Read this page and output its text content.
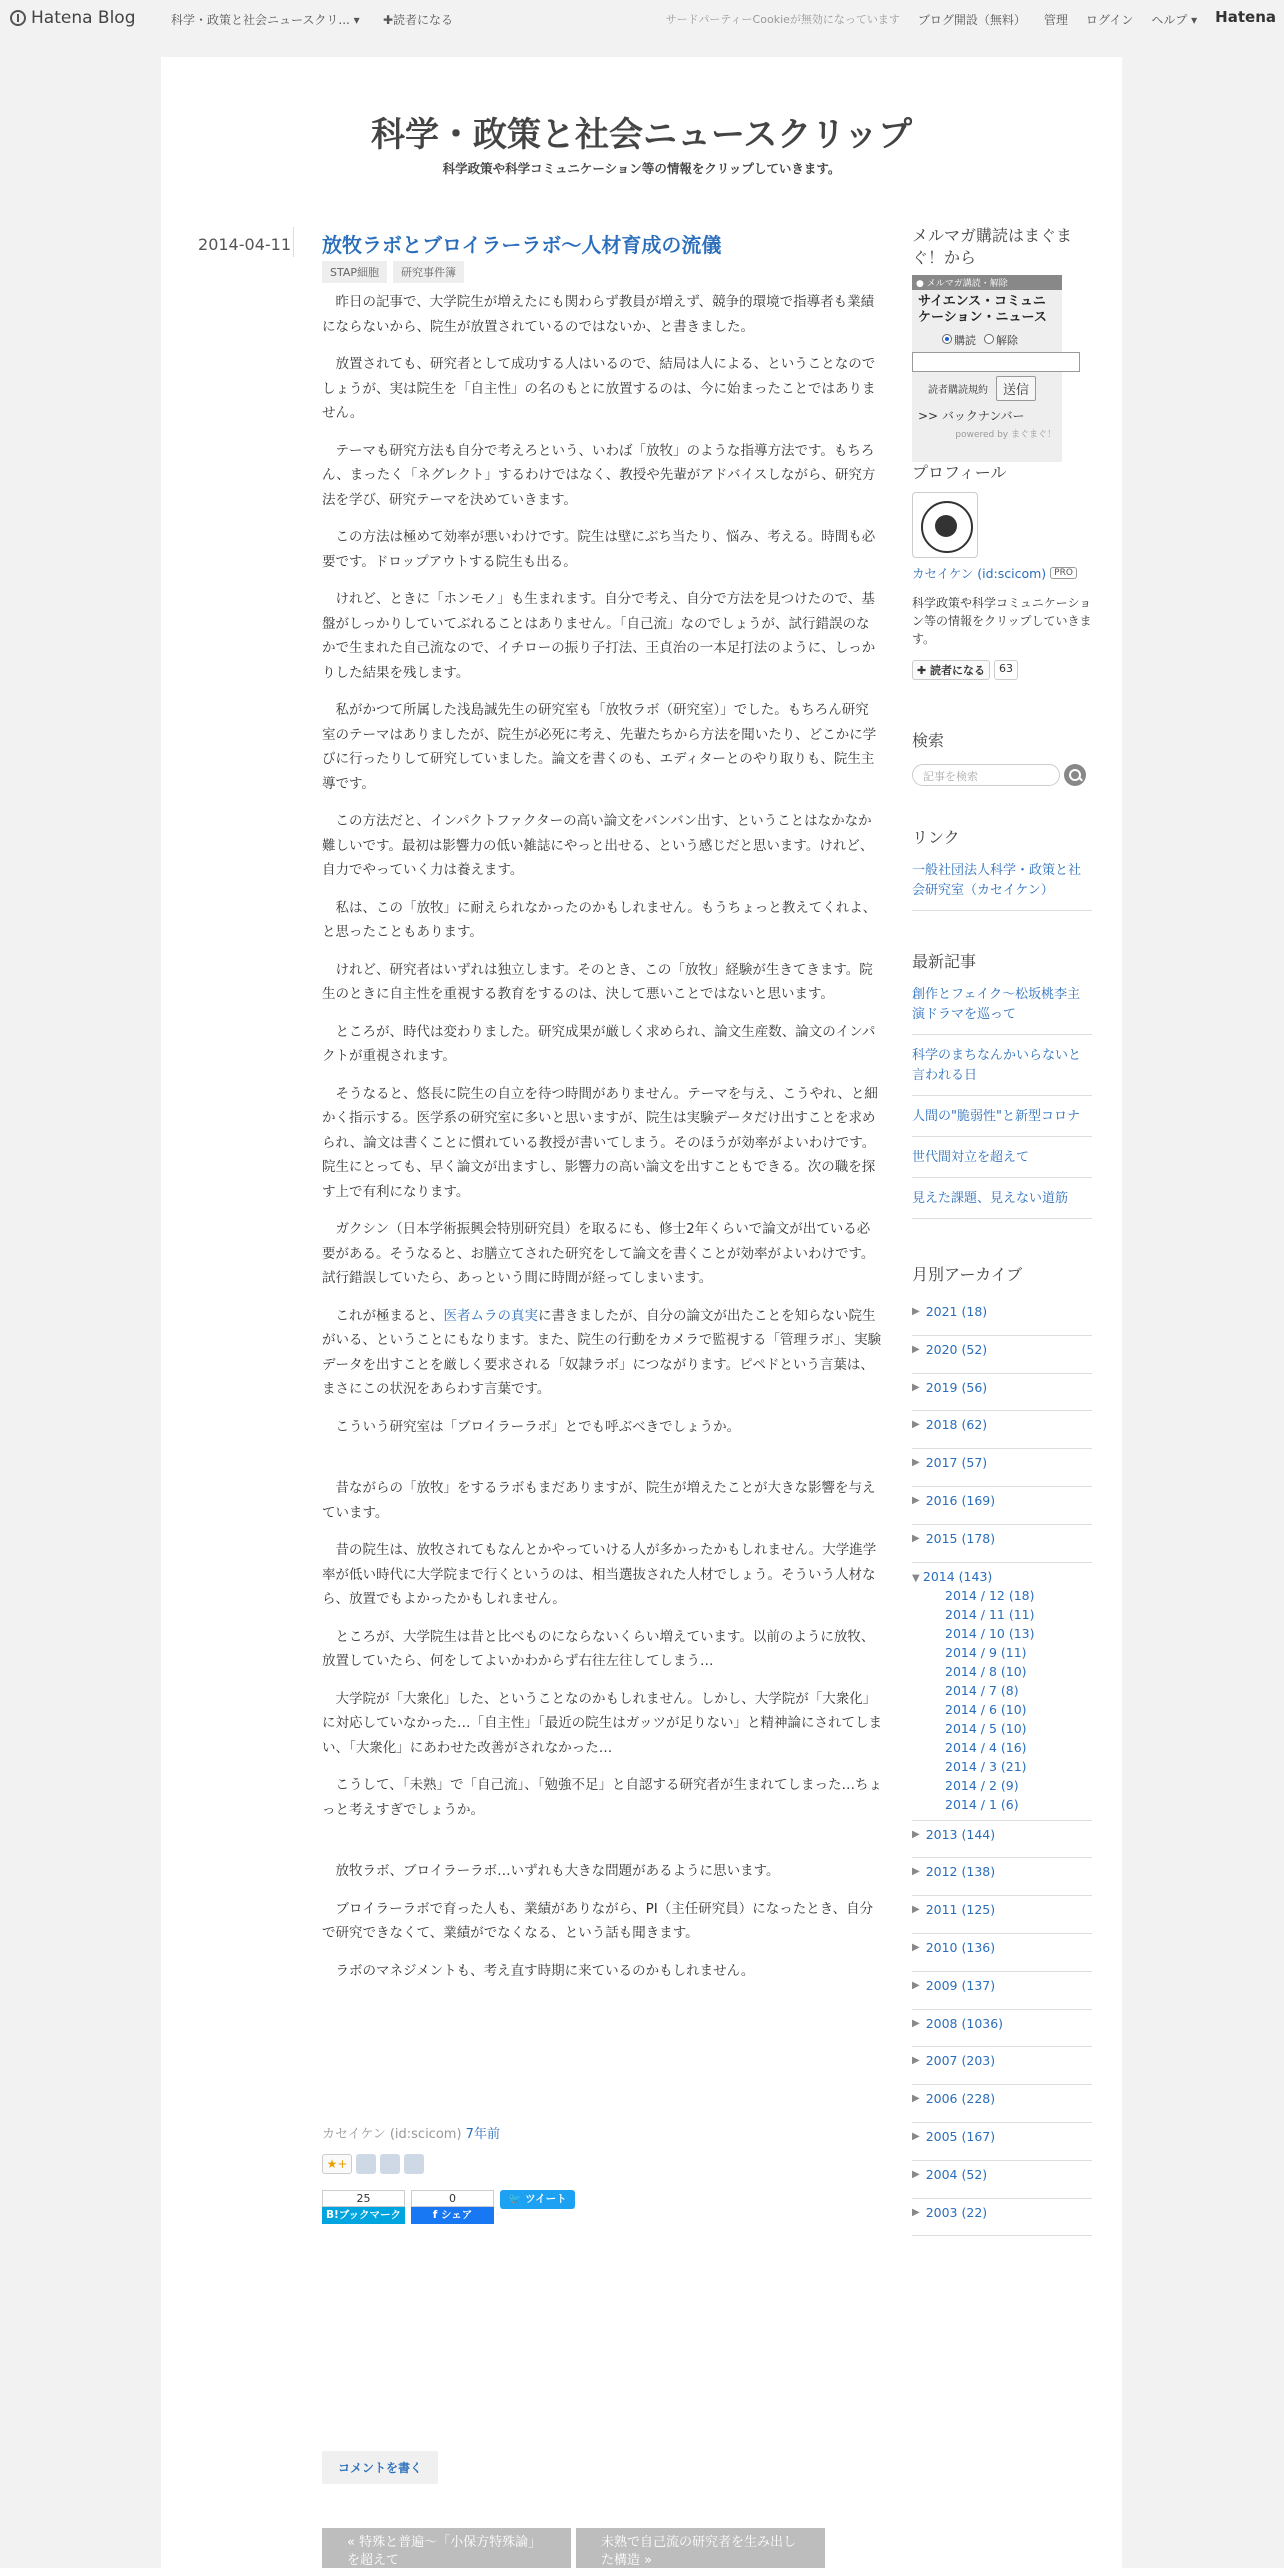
Hatena Blog	科学・政策と社会ニュースクリ... ▾ ✚読者になる	サードパーティーCookieが無効になっています ブログ開設（無料） 管理 ログイン ヘルプ ▾ Hatena
科学・政策と社会ニュースクリップ
科学政策や科学コミュニケーション等の情報をクリップしていきます。
2014-04-11 放牧ラボとブロイラーラボ〜人材育成の流儀
STAP細胞	研究事件簿

昨日の記事で、大学院生が増えたにも関わらず教員が増えず、競争的環境で指導者も業績にならないから、院生が放置されているのではないか、と書きました。

放置されても、研究者として成功する人はいるので、結局は人による、ということなのでしょうが、実は院生を「自主性」の名のもとに放置するのは、今に始まったことではありません。

テーマも研究方法も自分で考えろという、いわば「放牧」のような指導方法です。もちろん、まったく「ネグレクト」するわけではなく、教授や先輩がアドバイスしながら、研究方法を学び、研究テーマを決めていきます。

この方法は極めて効率が悪いわけです。院生は壁にぶち当たり、悩み、考える。時間も必要です。ドロップアウトする院生も出る。

けれど、ときに「ホンモノ」も生まれます。自分で考え、自分で方法を見つけたので、基盤がしっかりしていてぶれることはありません。「自己流」なのでしょうが、試行錯誤のなかで生まれた自己流なので、イチローの振り子打法、王貞治の一本足打法のように、しっかりした結果を残します。

私がかつて所属した浅島誠先生の研究室も「放牧ラボ（研究室）」でした。もちろん研究室のテーマはありましたが、院生が必死に考え、先輩たちから方法を聞いたり、どこかに学びに行ったりして研究していました。論文を書くのも、エディターとのやり取りも、院生主導です。

この方法だと、インパクトファクターの高い論文をバンバン出す、ということはなかなか難しいです。最初は影響力の低い雑誌にやっと出せる、という感じだと思います。けれど、自力でやっていく力は養えます。

私は、この「放牧」に耐えられなかったのかもしれません。もうちょっと教えてくれよ、と思ったこともあります。

けれど、研究者はいずれは独立します。そのとき、この「放牧」経験が生きてきます。院生のときに自主性を重視する教育をするのは、決して悪いことではないと思います。

ところが、時代は変わりました。研究成果が厳しく求められ、論文生産数、論文のインパクトが重視されます。

そうなると、悠長に院生の自立を待つ時間がありません。テーマを与え、こうやれ、と細かく指示する。医学系の研究室に多いと思いますが、院生は実験データだけ出すことを求められ、論文は書くことに慣れている教授が書いてしまう。そのほうが効率がよいわけです。院生にとっても、早く論文が出ますし、影響力の高い論文を出すこともできる。次の職を探す上で有利になります。

ガクシン（日本学術振興会特別研究員）を取るにも、修士2年くらいで論文が出ている必要がある。そうなると、お膳立てされた研究をして論文を書くことが効率がよいわけです。試行錯誤していたら、あっという間に時間が経ってしまいます。

これが極まると、医者ムラの真実に書きましたが、自分の論文が出たことを知らない院生がいる、ということにもなります。また、院生の行動をカメラで監視する「管理ラボ」、実験データを出すことを厳しく要求される「奴隷ラボ」につながります。ピペドという言葉は、まさにこの状況をあらわす言葉です。

こういう研究室は「ブロイラーラボ」とでも呼ぶべきでしょうか。

昔ながらの「放牧」をするラボもまだありますが、院生が増えたことが大きな影響を与えています。

昔の院生は、放牧されてもなんとかやっていける人が多かったかもしれません。大学進学率が低い時代に大学院まで行くというのは、相当選抜された人材でしょう。そういう人材なら、放置でもよかったかもしれません。

ところが、大学院生は昔と比べものにならないくらい増えています。以前のように放牧、放置していたら、何をしてよいかわからず右往左往してしまう…

大学院が「大衆化」した、ということなのかもしれません。しかし、大学院が「大衆化」に対応していなかった…「自主性」「最近の院生はガッツが足りない」と精神論にされてしまい、「大衆化」にあわせた改善がされなかった…

こうして、「未熟」で「自己流」、「勉強不足」と自認する研究者が生まれてしまった…ちょっと考えすぎでしょうか。

放牧ラボ、ブロイラーラボ…いずれも大きな問題があるように思います。

ブロイラーラボで育った人も、業績がありながら、PI（主任研究員）になったとき、自分で研究できなくて、業績がでなくなる、という話も聞きます。

ラボのマネジメントも、考え直す時期に来ているのかもしれません。

カセイケン (id:scicom) 7年前
★+
25
B!ブックマーク
0
f シェア
🐦 ツイート
コメントを書く
« 特殊と普遍〜「小保方特殊論」を超えて
未熟で自己流の研究者を生み出した構造 »
メルマガ購読はまぐまぐ！から
● メルマガ講読・解除
サイエンス・コミュニケーション・ニュース
購読	解除
読者購読規約	送信
>> バックナンバー
powered by まぐまぐ！
プロフィール
カセイケン (id:scicom) PRO
科学政策や科学コミュニケーション等の情報をクリップしていきます。
✚ 読者になる	63
検索
記事を検索
リンク
一般社団法人科学・政策と社会研究室（カセイケン）
最新記事
創作とフェイク〜松坂桃李主演ドラマを巡って
科学のまちなんかいらないと言われる日
人間の"脆弱性"と新型コロナ
世代間対立を超えて
見えた課題、見えない道筋
月別アーカイブ
▶ 2021 (18)
▶ 2020 (52)
▶ 2019 (56)
▶ 2018 (62)
▶ 2017 (57)
▶ 2016 (169)
▶ 2015 (178)
▼ 2014 (143)
2014 / 12 (18)
2014 / 11 (11)
2014 / 10 (13)
2014 / 9 (11)
2014 / 8 (10)
2014 / 7 (8)
2014 / 6 (10)
2014 / 5 (10)
2014 / 4 (16)
2014 / 3 (21)
2014 / 2 (9)
2014 / 1 (6)
▶ 2013 (144)
▶ 2012 (138)
▶ 2011 (125)
▶ 2010 (136)
▶ 2009 (137)
▶ 2008 (1036)
▶ 2007 (203)
▶ 2006 (228)
▶ 2005 (167)
▶ 2004 (52)
▶ 2003 (22)
